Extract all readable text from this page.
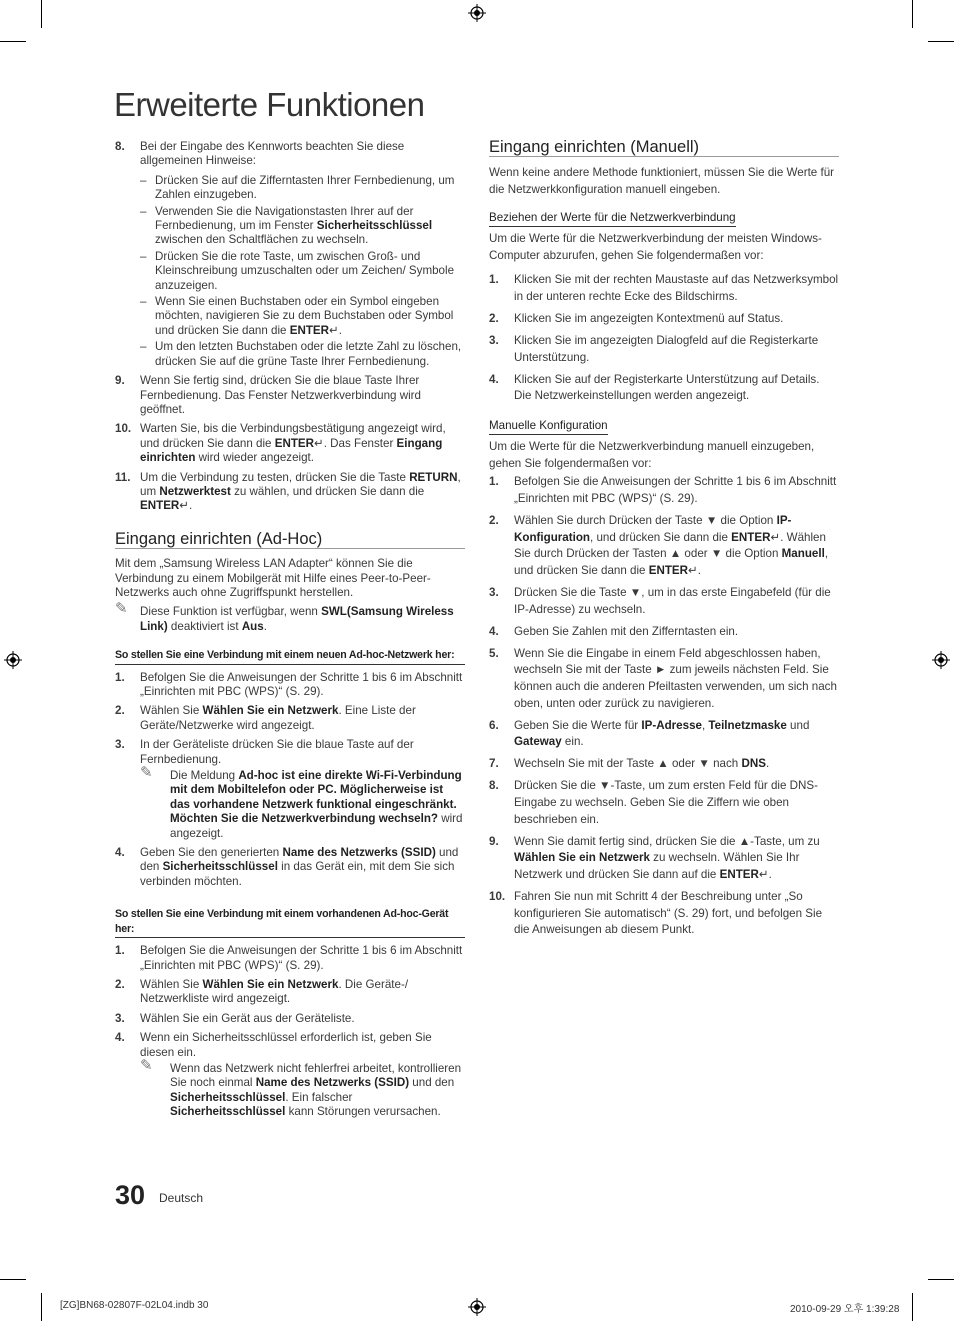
Erweiterte Funktionen
8. Bei der Eingabe des Kennworts beachten Sie diese allgemeinen Hinweise:
– Drücken Sie auf die Zifferntasten Ihrer Fernbedienung, um Zahlen einzugeben.
– Verwenden Sie die Navigationstasten Ihrer auf der Fernbedienung, um im Fenster Sicherheitsschlüssel zwischen den Schaltflächen zu wechseln.
– Drücken Sie die rote Taste, um zwischen Groß- und Kleinschreibung umzuschalten oder um Zeichen/ Symbole anzuzeigen.
– Wenn Sie einen Buchstaben oder ein Symbol eingeben möchten, navigieren Sie zu dem Buchstaben oder Symbol und drücken Sie dann die ENTER↵.
– Um den letzten Buchstaben oder die letzte Zahl zu löschen, drücken Sie auf die grüne Taste Ihrer Fernbedienung.
9. Wenn Sie fertig sind, drücken Sie die blaue Taste Ihrer Fernbedienung. Das Fenster Netzwerkverbindung wird geöffnet.
10. Warten Sie, bis die Verbindungsbestätigung angezeigt wird, und drücken Sie dann die ENTER↵. Das Fenster Eingang einrichten wird wieder angezeigt.
11. Um die Verbindung zu testen, drücken Sie die Taste RETURN, um Netzwerktest zu wählen, und drücken Sie dann die ENTER↵.
Eingang einrichten (Ad-Hoc)

Mit dem „Samsung Wireless LAN Adapter“ können Sie die Verbindung zu einem Mobilgerät mit Hilfe eines Peer-to-Peer-Netzwerks auch ohne Zugriffspunkt herstellen.

✎ Diese Funktion ist verfügbar, wenn SWL(Samsung Wireless Link) deaktiviert ist Aus.
So stellen Sie eine Verbindung mit einem neuen Ad-hoc-Netzwerk her:
1. Befolgen Sie die Anweisungen der Schritte 1 bis 6 im Abschnitt „Einrichten mit PBC (WPS)“ (S. 29).
2. Wählen Sie Wählen Sie ein Netzwerk. Eine Liste der Geräte/Netzwerke wird angezeigt.
3. In der Geräteliste drücken Sie die blaue Taste auf der Fernbedienung.
✎ Die Meldung Ad-hoc ist eine direkte Wi-Fi-Verbindung mit dem Mobiltelefon oder PC. Möglicherweise ist das vorhandene Netzwerk funktional eingeschränkt. Möchten Sie die Netzwerkverbindung wechseln? wird angezeigt.
4. Geben Sie den generierten Name des Netzwerks (SSID) und den Sicherheitsschlüssel in das Gerät ein, mit dem Sie sich verbinden möchten.
So stellen Sie eine Verbindung mit einem vorhandenen Ad-hoc-Gerät her:
1. Befolgen Sie die Anweisungen der Schritte 1 bis 6 im Abschnitt „Einrichten mit PBC (WPS)“ (S. 29).
2. Wählen Sie Wählen Sie ein Netzwerk. Die Geräte-/ Netzwerkliste wird angezeigt.
3. Wählen Sie ein Gerät aus der Geräteliste.
4. Wenn ein Sicherheitsschlüssel erforderlich ist, geben Sie diesen ein.
✎ Wenn das Netzwerk nicht fehlerfrei arbeitet, kontrollieren Sie noch einmal Name des Netzwerks (SSID) und den Sicherheitsschlüssel. Ein falscher Sicherheitsschlüssel kann Störungen verursachen.
Eingang einrichten (Manuell)

Wenn keine andere Methode funktioniert, müssen Sie die Werte für die Netzwerkkonfiguration manuell eingeben.

Beziehen der Werte für die Netzwerkverbindung

Um die Werte für die Netzwerkverbindung der meisten Windows-Computer abzurufen, gehen Sie folgendermaßen vor:

1. Klicken Sie mit der rechten Maustaste auf das Netzwerksymbol in der unteren rechte Ecke des Bildschirms.
2. Klicken Sie im angezeigten Kontextmenü auf Status.
3. Klicken Sie im angezeigten Dialogfeld auf die Registerkarte Unterstützung.
4. Klicken Sie auf der Registerkarte Unterstützung auf Details. Die Netzwerkeinstellungen werden angezeigt.
Manuelle Konfiguration

Um die Werte für die Netzwerkverbindung manuell einzugeben, gehen Sie folgendermaßen vor:

1. Befolgen Sie die Anweisungen der Schritte 1 bis 6 im Abschnitt „Einrichten mit PBC (WPS)“ (S. 29).
2. Wählen Sie durch Drücken der Taste ▼ die Option IP-Konfiguration, und drücken Sie dann die ENTER↵. Wählen Sie durch Drücken der Tasten ▲ oder ▼ die Option Manuell, und drücken Sie dann die ENTER↵.
3. Drücken Sie die Taste ▼, um in das erste Eingabefeld (für die IP-Adresse) zu wechseln.
4. Geben Sie Zahlen mit den Zifferntasten ein.
5. Wenn Sie die Eingabe in einem Feld abgeschlossen haben, wechseln Sie mit der Taste ► zum jeweils nächsten Feld. Sie können auch die anderen Pfeiltasten verwenden, um sich nach oben, unten oder zurück zu navigieren.
6. Geben Sie die Werte für IP-Adresse, Teilnetzmaske und Gateway ein.
7. Wechseln Sie mit der Taste ▲ oder ▼ nach DNS.
8. Drücken Sie die ▼-Taste, um zum ersten Feld für die DNS-Eingabe zu wechseln. Geben Sie die Ziffern wie oben beschrieben ein.
9. Wenn Sie damit fertig sind, drücken Sie die ▲-Taste, um zu Wählen Sie ein Netzwerk zu wechseln. Wählen Sie Ihr Netzwerk und drücken Sie dann auf die ENTER↵.
10. Fahren Sie nun mit Schritt 4 der Beschreibung unter „So konfigurieren Sie automatisch“ (S. 29) fort, und befolgen Sie die Anweisungen ab diesem Punkt.
30 Deutsch
[ZG]BN68-02807F-02L04.indb 30	2010-09-29 오후 1:39:28
